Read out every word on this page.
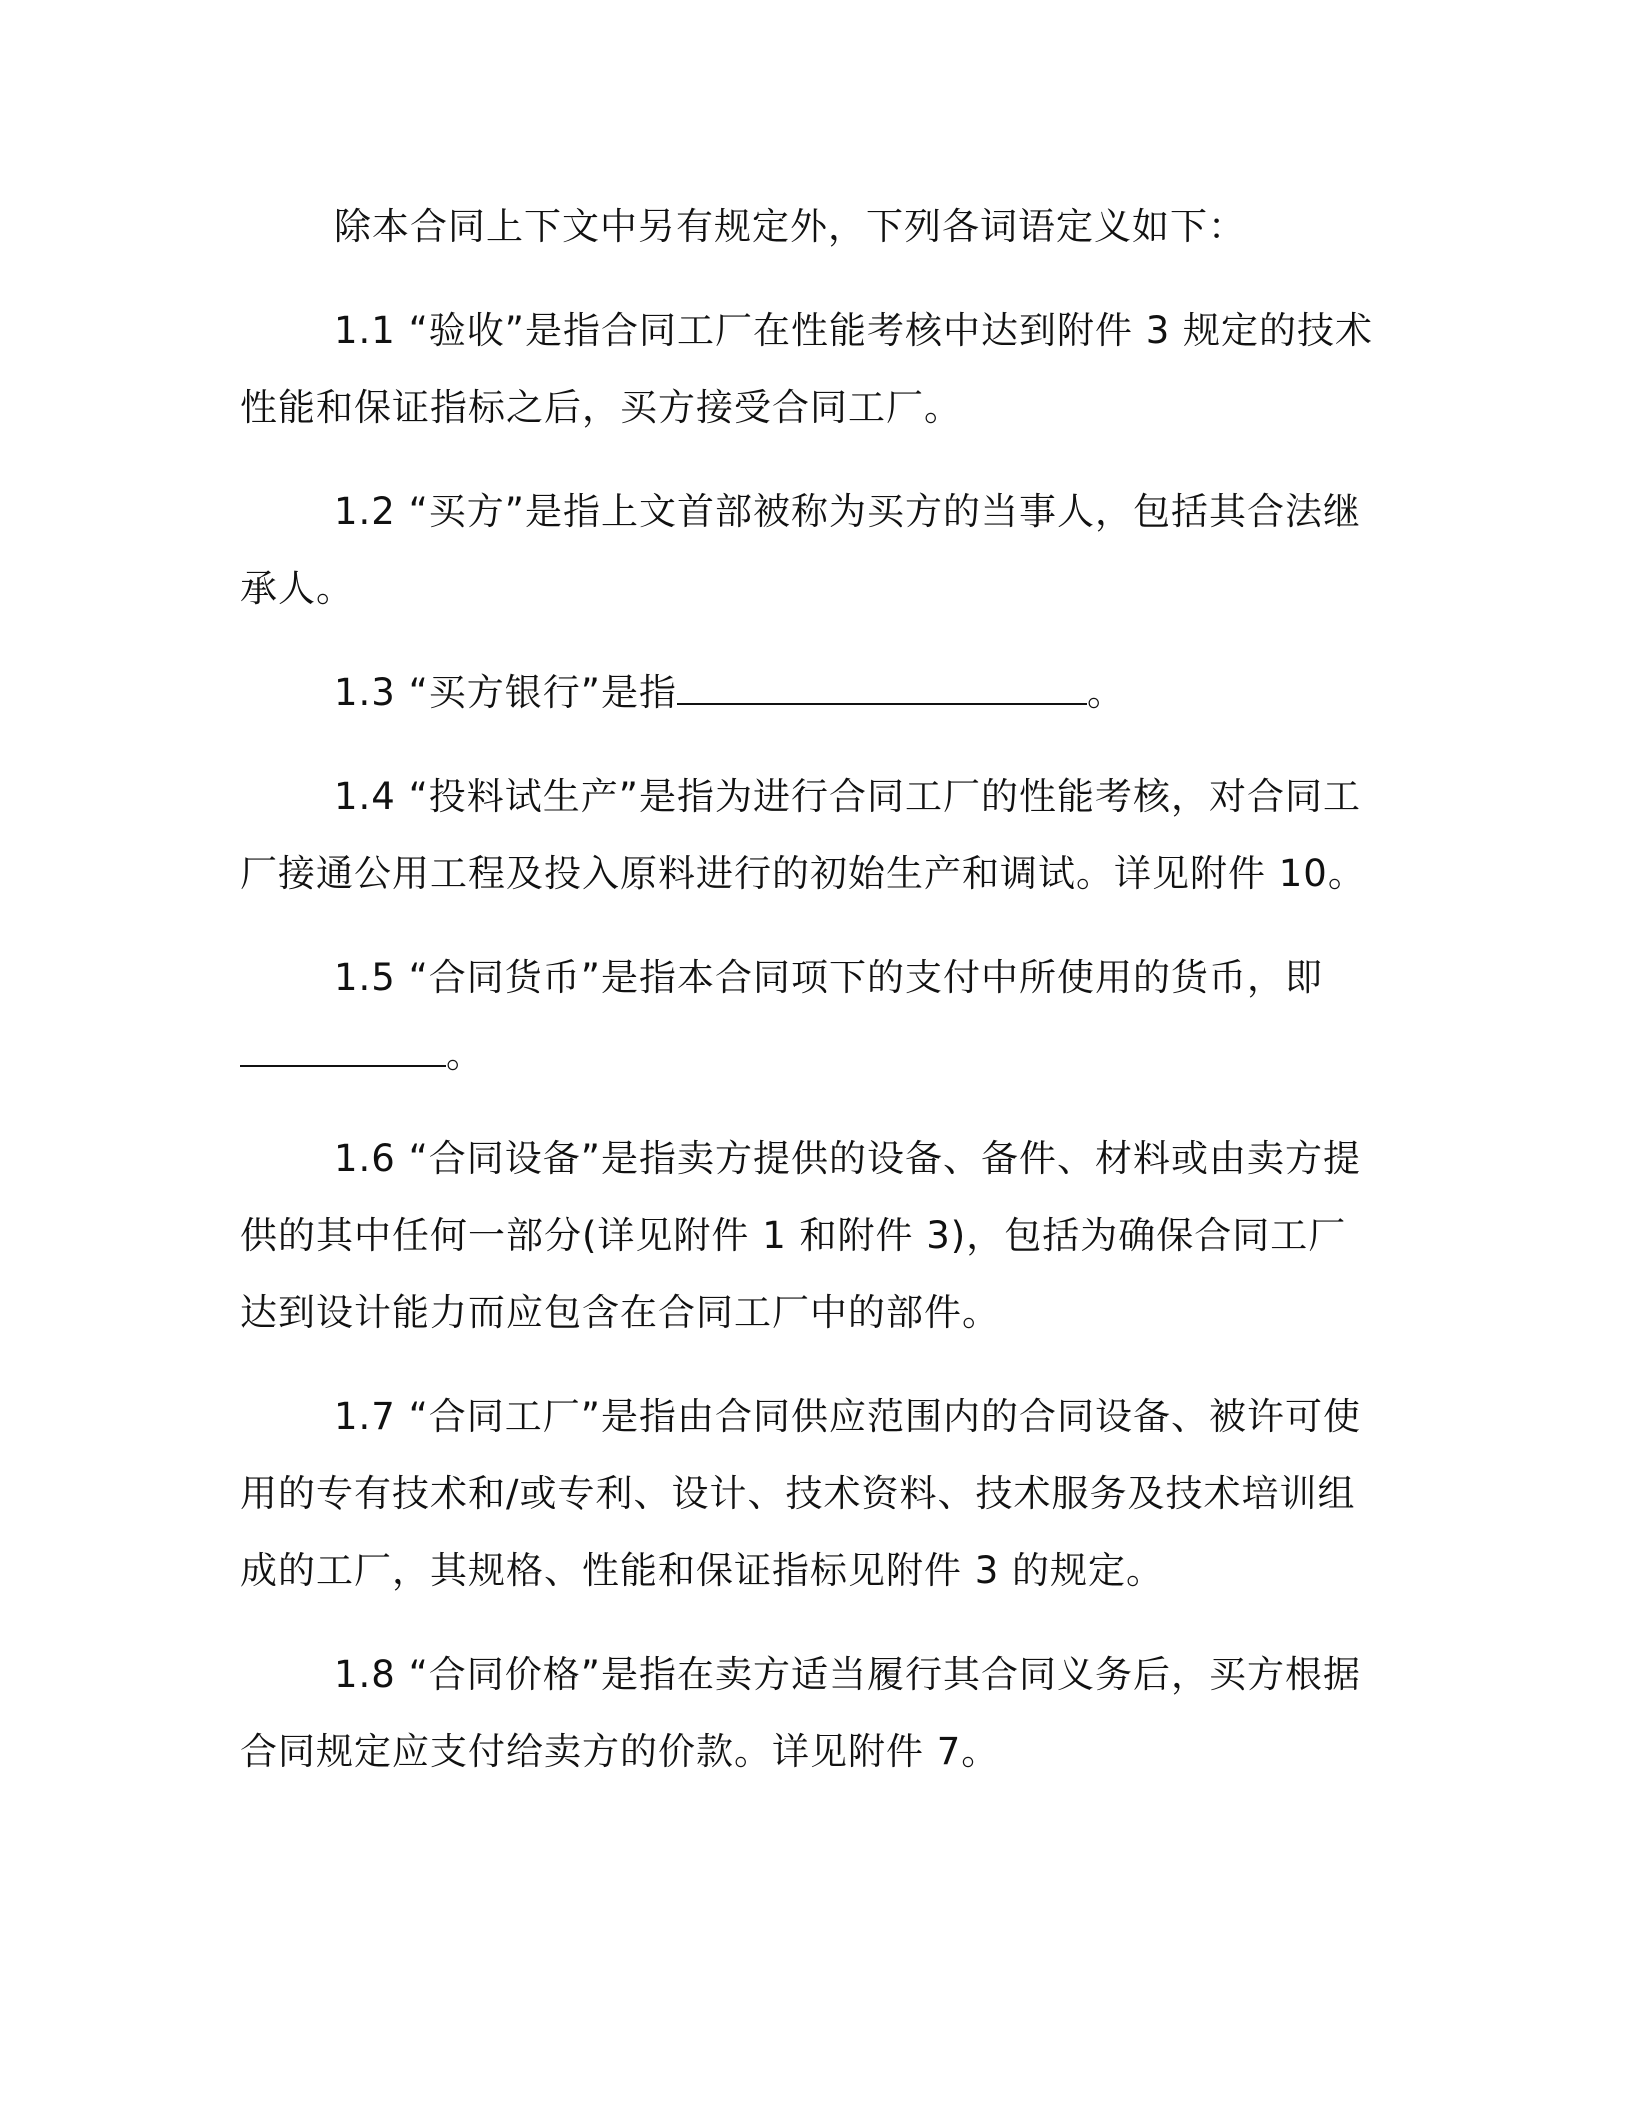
除本合同上下文中另有规定外，下列各词语定义如下：

1.1 “验收”是指合同工厂在性能考核中达到附件 3 规定的技术性能和保证指标之后，买方接受合同工厂。

1.2 “买方”是指上文首部被称为买方的当事人，包括其合法继承人。

1.3 “买方银行”是指	。

1.4 “投料试生产”是指为进行合同工厂的性能考核，对合同工厂接通公用工程及投入原料进行的初始生产和调试。详见附件 10。

1.5 “合同货币”是指本合同项下的支付中所使用的货币，即。

1.6 “合同设备”是指卖方提供的设备、备件、材料或由卖方提供的其中任何一部分(详见附件 1 和附件 3)，包括为确保合同工厂达到设计能力而应包含在合同工厂中的部件。

1.7 “合同工厂”是指由合同供应范围内的合同设备、被许可使用的专有技术和/或专利、设计、技术资料、技术服务及技术培训组成的工厂，其规格、性能和保证指标见附件 3 的规定。

1.8 “合同价格”是指在卖方适当履行其合同义务后，买方根据合同规定应支付给卖方的价款。详见附件 7。
